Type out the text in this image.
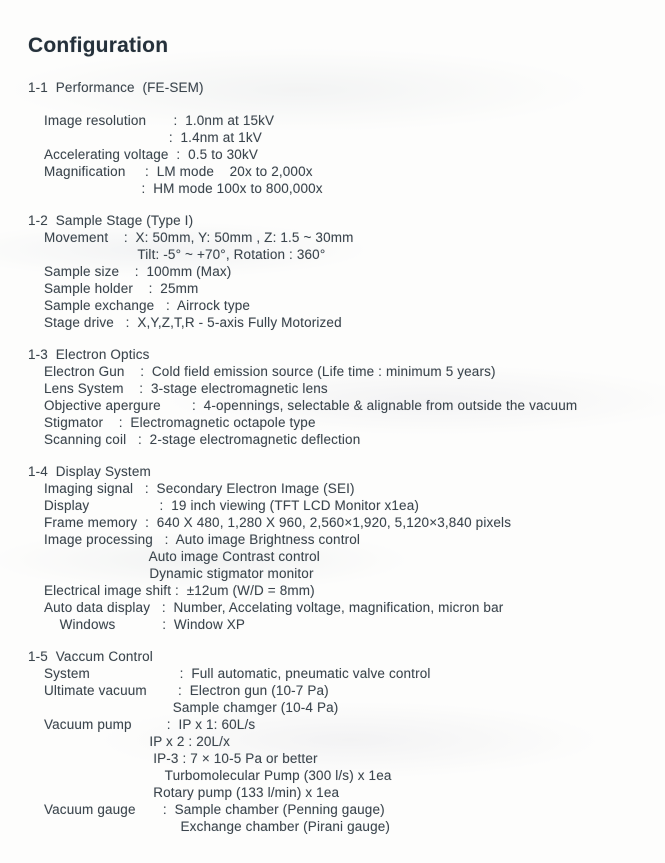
Configuration
1-1  Performance  (FE-SEM)
Image resolution       :  1.0nm at 15kV
:  1.4nm at 1kV
Accelerating voltage  :  0.5 to 30kV
Magnification     :  LM mode    20x to 2,000x
:  HM mode 100x to 800,000x
1-2  Sample Stage (Type I)
Movement    :  X: 50mm, Y: 50mm , Z: 1.5 ~ 30mm
Tilt: -5° ~ +70°, Rotation : 360°
Sample size    :  100mm (Max)
Sample holder    :  25mm
Sample exchange   :  Airrock type
Stage drive   :  X,Y,Z,T,R - 5-axis Fully Motorized
1-3  Electron Optics
Electron Gun    :  Cold field emission source (Life time : minimum 5 years)
Lens System    :  3-stage electromagnetic lens
Objective apergure        :  4-opennings, selectable & alignable from outside the vacuum
Stigmator    :  Electromagnetic octapole type
Scanning coil   :  2-stage electromagnetic deflection
1-4  Display System
Imaging signal   :  Secondary Electron Image (SEI)
Display                  :  19 inch viewing (TFT LCD Monitor x1ea)
Frame memory  :  640 X 480, 1,280 X 960, 2,560×1,920, 5,120×3,840 pixels
Image processing   :  Auto image Brightness control
Auto image Contrast control
Dynamic stigmator monitor
Electrical image shift :  ±12um (W/D = 8mm)
Auto data display   :  Number, Accelating voltage, magnification, micron bar
Windows            :  Window XP
1-5  Vaccum Control
System                       :  Full automatic, pneumatic valve control
Ultimate vacuum        :  Electron gun (10-7 Pa)
Sample chamger (10-4 Pa)
Vacuum pump         :  IP x 1: 60L/s
IP x 2 : 20L/x
IP-3 : 7 × 10-5 Pa or better
Turbomolecular Pump (300 l/s) x 1ea
Rotary pump (133 l/min) x 1ea
Vacuum gauge       :  Sample chamber (Penning gauge)
Exchange chamber (Pirani gauge)
